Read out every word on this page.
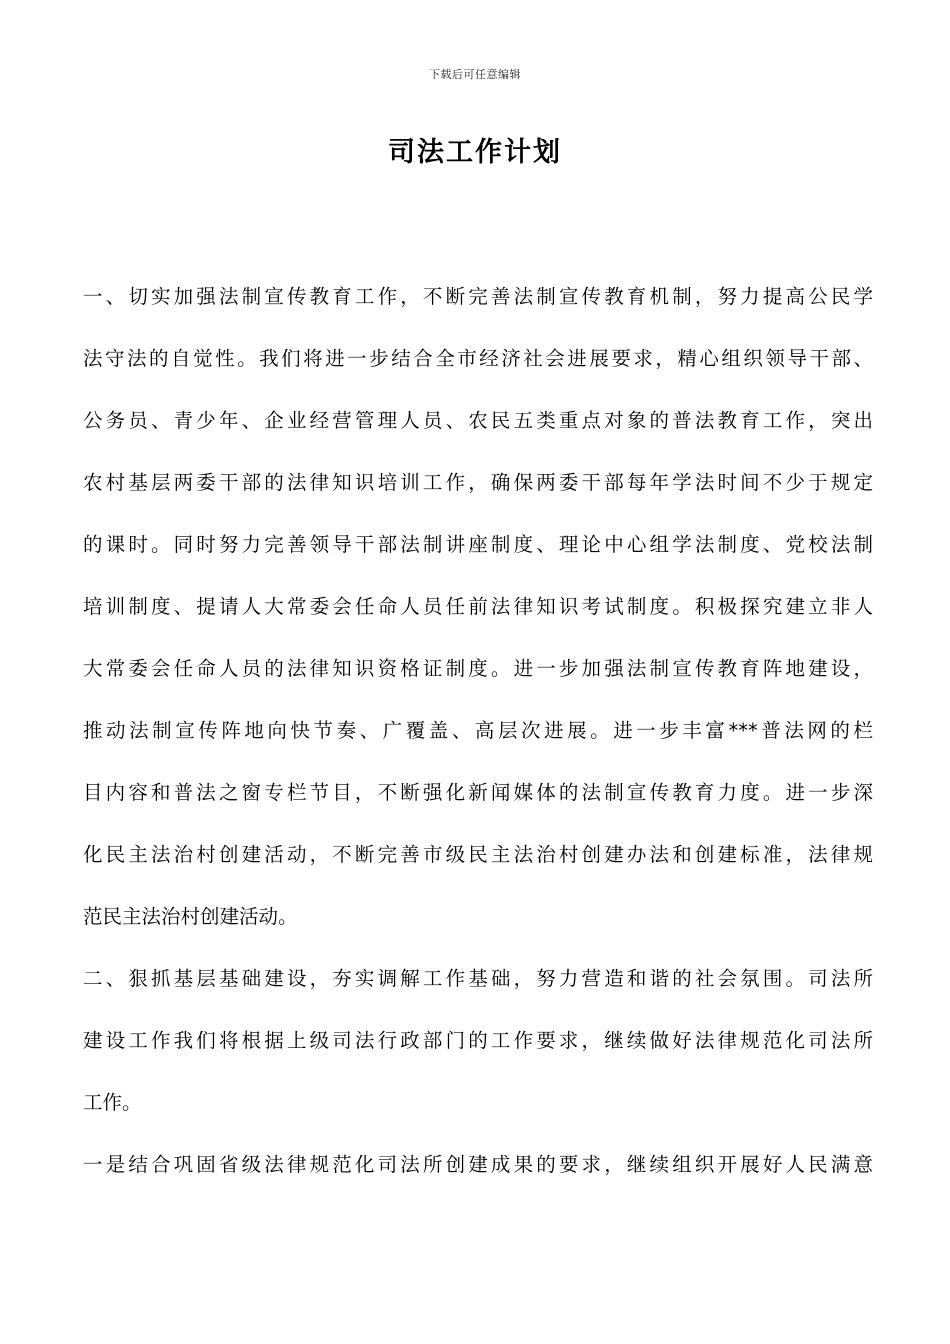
下载后可任意编辑
司法工作计划
一、切实加强法制宣传教育工作，不断完善法制宣传教育机制，努力提高公民学
法守法的自觉性。我们将进一步结合全市经济社会进展要求，精心组织领导干部、
公务员、青少年、企业经营管理人员、农民五类重点对象的普法教育工作，突出
农村基层两委干部的法律知识培训工作，确保两委干部每年学法时间不少于规定
的课时。同时努力完善领导干部法制讲座制度、理论中心组学法制度、党校法制
培训制度、提请人大常委会任命人员任前法律知识考试制度。积极探究建立非人
大常委会任命人员的法律知识资格证制度。进一步加强法制宣传教育阵地建设，
推动法制宣传阵地向快节奏、广覆盖、高层次进展。进一步丰富***普法网的栏
目内容和普法之窗专栏节目，不断强化新闻媒体的法制宣传教育力度。进一步深
化民主法治村创建活动，不断完善市级民主法治村创建办法和创建标准，法律规
范民主法治村创建活动。
二、狠抓基层基础建设，夯实调解工作基础，努力营造和谐的社会氛围。司法所
建设工作我们将根据上级司法行政部门的工作要求，继续做好法律规范化司法所
工作。
一是结合巩固省级法律规范化司法所创建成果的要求，继续组织开展好人民满意
